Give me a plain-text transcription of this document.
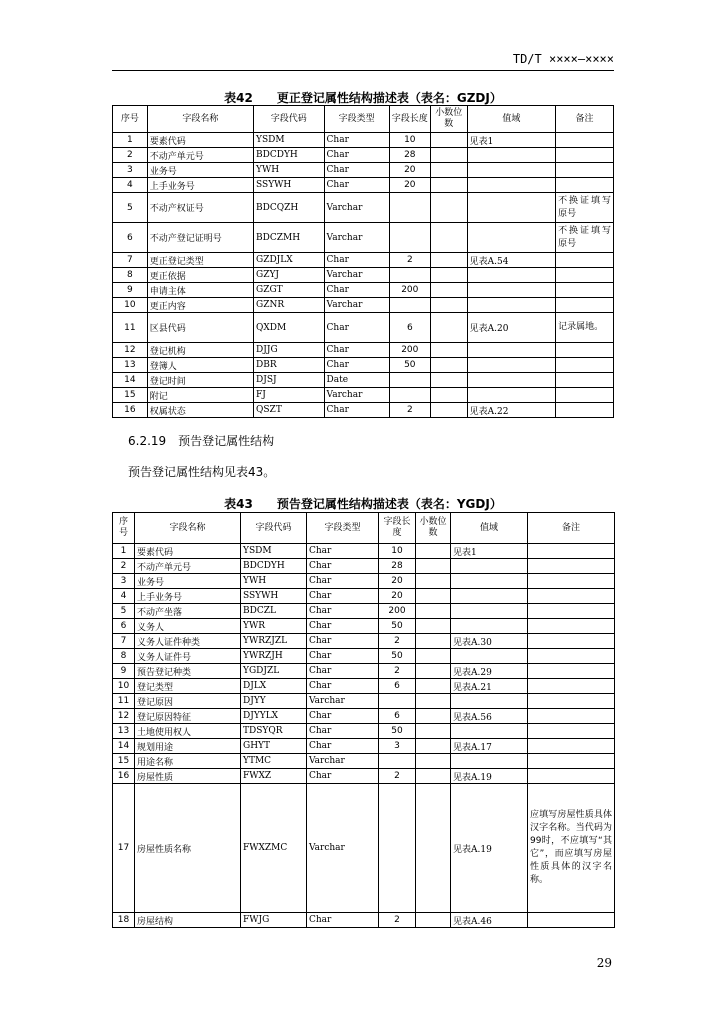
TD/T ××××—××××
表42　　更正登记属性结构描述表（表名：GZDJ）
序号	字段名称	字段代码	字段类型	字段长度	小数位数	值域	备注
1	要素代码	YSDM	Char	10		见表1	
2	不动产单元号	BDCDYH	Char	28			
3	业务号	YWH	Char	20			
4	上手业务号	SSYWH	Char	20			
5	不动产权证号	BDCQZH	Varchar				不换证填写原号
6	不动产登记证明号	BDCZMH	Varchar				不换证填写原号
7	更正登记类型	GZDJLX	Char	2		见表A.54	
8	更正依据	GZYJ	Varchar				
9	申请主体	GZGT	Char	200			
10	更正内容	GZNR	Varchar				
11	区县代码	QXDM	Char	6		见表A.20	记录属地。
12	登记机构	DJJG	Char	200			
13	登簿人	DBR	Char	50			
14	登记时间	DJSJ	Date				
15	附记	FJ	Varchar				
16	权属状态	QSZT	Char	2		见表A.22	
6.2.19　预告登记属性结构
预告登记属性结构见表43。
表43　　预告登记属性结构描述表（表名：YGDJ）
序号	字段名称	字段代码	字段类型	字段长度	小数位数	值域	备注
1	要素代码	YSDM	Char	10		见表1	
2	不动产单元号	BDCDYH	Char	28			
3	业务号	YWH	Char	20			
4	上手业务号	SSYWH	Char	20			
5	不动产坐落	BDCZL	Char	200			
6	义务人	YWR	Char	50			
7	义务人证件种类	YWRZJZL	Char	2		见表A.30	
8	义务人证件号	YWRZJH	Char	50			
9	预告登记种类	YGDJZL	Char	2		见表A.29	
10	登记类型	DJLX	Char	6		见表A.21	
11	登记原因	DJYY	Varchar				
12	登记原因特征	DJYYLX	Char	6		见表A.56	
13	土地使用权人	TDSYQR	Char	50			
14	规划用途	GHYT	Char	3		见表A.17	
15	用途名称	YTMC	Varchar				
16	房屋性质	FWXZ	Char	2		见表A.19	
17	房屋性质名称	FWXZMC	Varchar			见表A.19	应填写房屋性质具体汉字名称。当代码为99时，不应填写“其它”，而应填写房屋性质具体的汉字名称。
18	房屋结构	FWJG	Char	2		见表A.46	
29
